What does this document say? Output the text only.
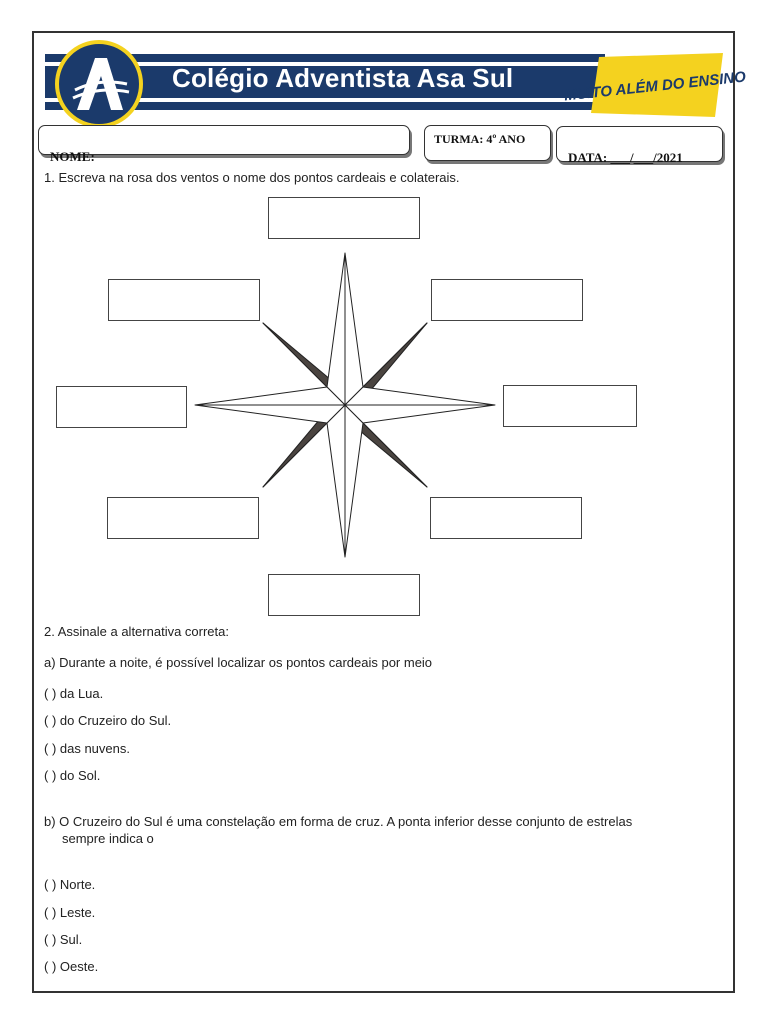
Colégio Adventista Asa Sul	MUITO ALÉM DO ENSINO
NOME:
TURMA: 4º ANO
DATA: ___/___/2021
1. Escreva na rosa dos ventos o nome dos pontos cardeais e colaterais.
2. Assinale a alternativa correta:
a) Durante a noite, é possível localizar os pontos cardeais por meio
( ) da Lua.
( ) do Cruzeiro do Sul.
( ) das nuvens.
( ) do Sol.
b) O Cruzeiro do Sul é uma constelação em forma de cruz. A ponta inferior desse conjunto de estrelas
sempre indica o
( ) Norte.
( ) Leste.
( ) Sul.
( ) Oeste.
